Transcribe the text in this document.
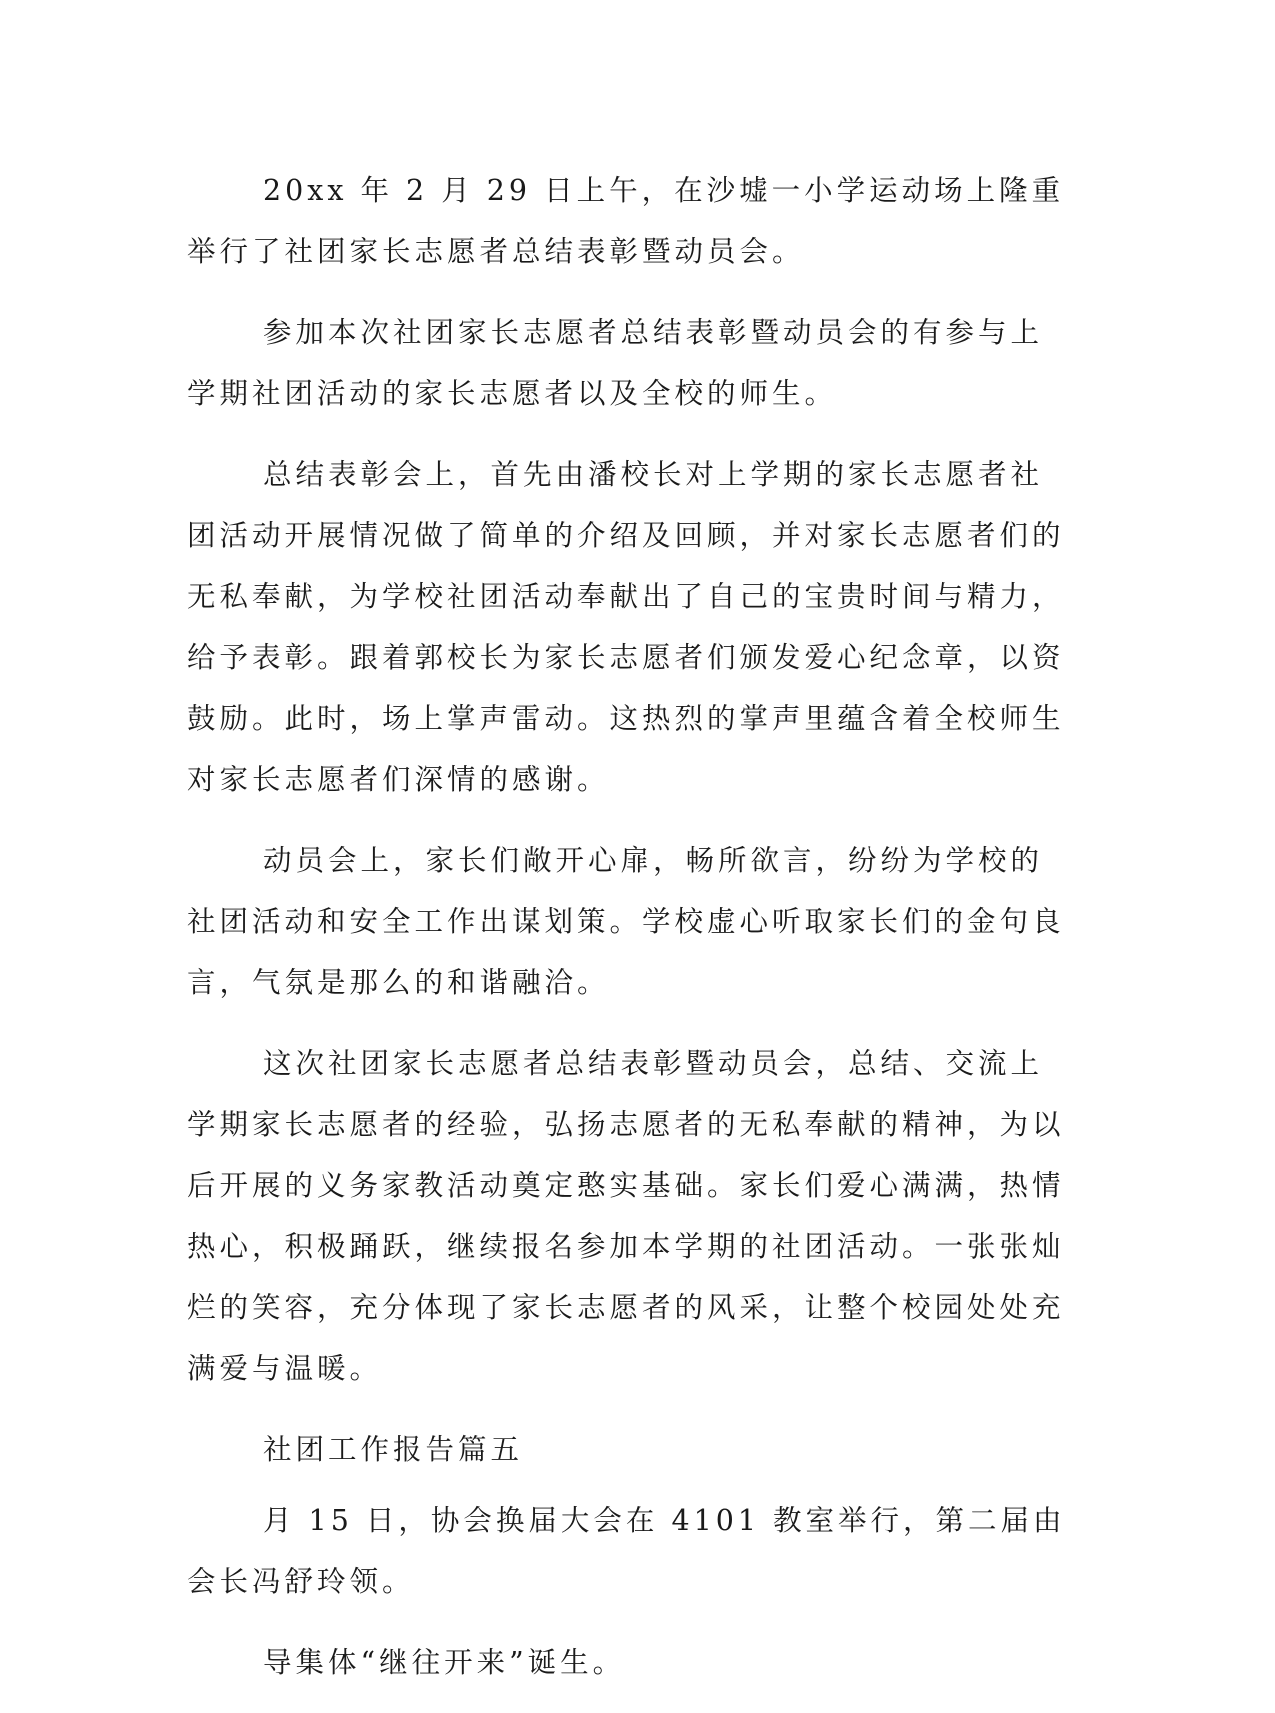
20xx 年 2 月 29 日上午，在沙墟一小学运动场上隆重举行了社团家长志愿者总结表彰暨动员会。

参加本次社团家长志愿者总结表彰暨动员会的有参与上学期社团活动的家长志愿者以及全校的师生。

总结表彰会上，首先由潘校长对上学期的家长志愿者社团活动开展情况做了简单的介绍及回顾，并对家长志愿者们的无私奉献，为学校社团活动奉献出了自己的宝贵时间与精力，给予表彰。跟着郭校长为家长志愿者们颁发爱心纪念章，以资鼓励。此时，场上掌声雷动。这热烈的掌声里蕴含着全校师生对家长志愿者们深情的感谢。

动员会上，家长们敞开心扉，畅所欲言，纷纷为学校的社团活动和安全工作出谋划策。学校虚心听取家长们的金句良言，气氛是那么的和谐融洽。

这次社团家长志愿者总结表彰暨动员会，总结、交流上学期家长志愿者的经验，弘扬志愿者的无私奉献的精神，为以后开展的义务家教活动奠定憨实基础。家长们爱心满满，热情热心，积极踊跃，继续报名参加本学期的社团活动。一张张灿烂的笑容，充分体现了家长志愿者的风采，让整个校园处处充满爱与温暖。

社团工作报告篇五

月 15 日，协会换届大会在 4101 教室举行，第二届由会长冯舒玲领。

导集体“继往开来”诞生。
